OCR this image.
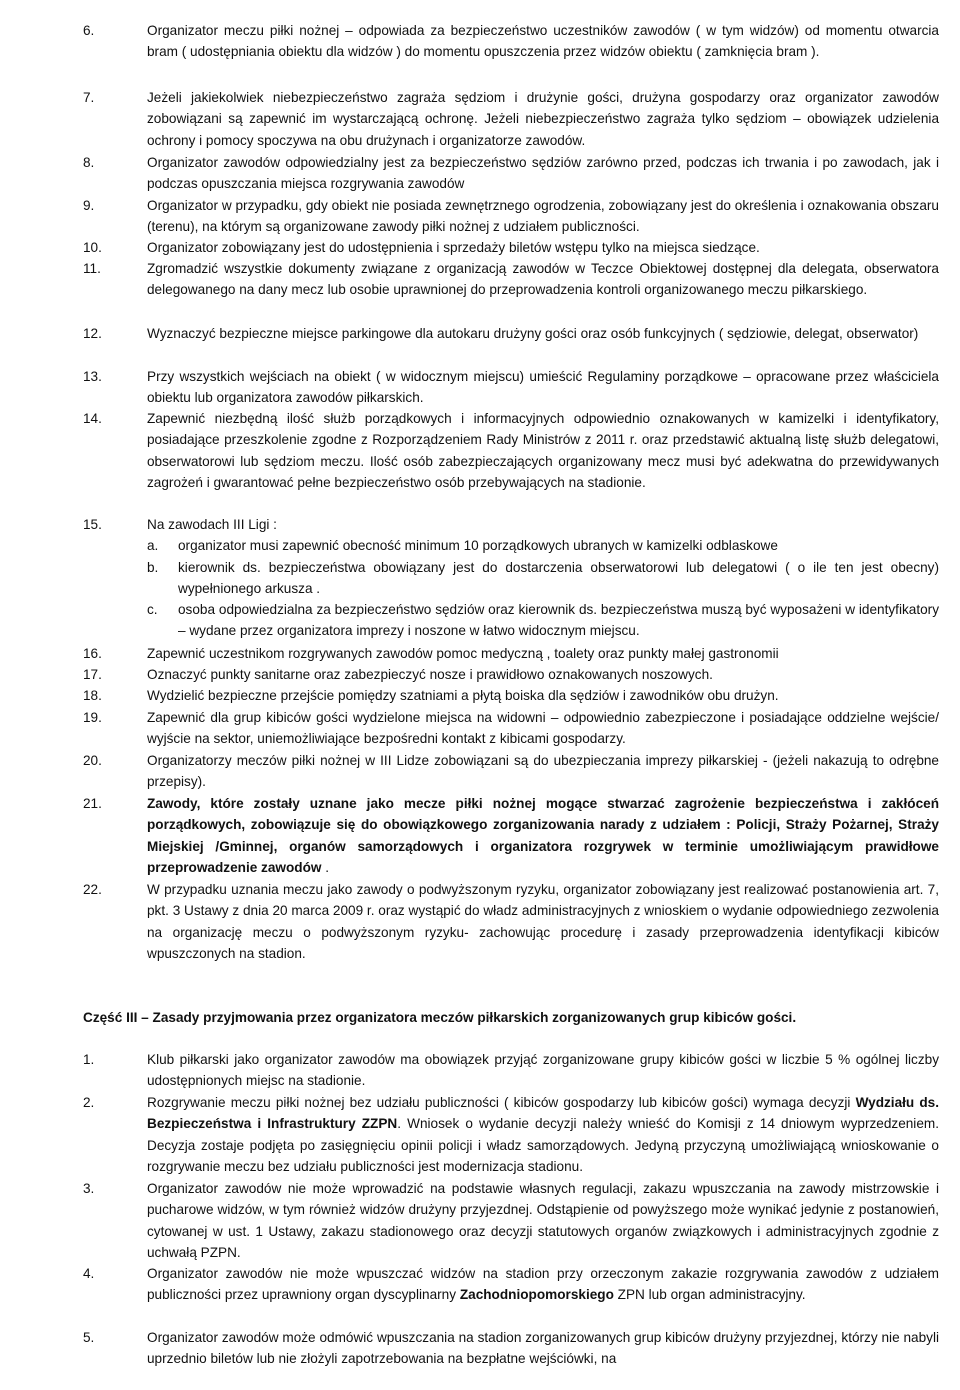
6.	Organizator meczu piłki nożnej – odpowiada za bezpieczeństwo uczestników zawodów ( w tym widzów) od momentu otwarcia bram ( udostępniania obiektu dla widzów ) do momentu opuszczenia przez widzów obiektu ( zamknięcia bram ).
7.	Jeżeli jakiekolwiek niebezpieczeństwo zagraża sędziom i drużynie gości, drużyna gospodarzy oraz organizator zawodów zobowiązani są zapewnić im wystarczającą ochronę. Jeżeli niebezpieczeństwo zagraża tylko sędziom – obowiązek udzielenia ochrony i pomocy spoczywa na obu drużynach i organizatorze zawodów.
8.	Organizator zawodów odpowiedzialny jest za bezpieczeństwo sędziów zarówno przed, podczas ich trwania i po zawodach, jak i podczas opuszczania miejsca rozgrywania zawodów
9.	Organizator w przypadku, gdy obiekt nie posiada zewnętrznego ogrodzenia, zobowiązany jest do określenia i oznakowania obszaru (terenu), na którym są organizowane zawody piłki nożnej z udziałem publiczności.
10.	Organizator zobowiązany jest do udostępnienia i sprzedaży biletów wstępu tylko na miejsca siedzące.
11.	Zgromadzić wszystkie dokumenty związane z organizacją zawodów w Teczce Obiektowej dostępnej dla delegata, obserwatora delegowanego na dany mecz lub osobie uprawnionej do przeprowadzenia kontroli organizowanego meczu piłkarskiego.
12.	Wyznaczyć bezpieczne miejsce parkingowe dla autokaru drużyny gości oraz osób funkcyjnych ( sędziowie, delegat, obserwator)
13.	Przy wszystkich wejściach na obiekt ( w widocznym miejscu) umieścić Regulaminy porządkowe – opracowane przez właściciela obiektu lub organizatora zawodów piłkarskich.
14.	Zapewnić niezbędną ilość służb porządkowych i informacyjnych odpowiednio oznakowanych w kamizelki i identyfikatory, posiadające przeszkolenie zgodne z Rozporządzeniem Rady Ministrów z 2011 r. oraz przedstawić aktualną listę służb delegatowi, obserwatorowi lub sędziom meczu. Ilość osób zabezpieczających organizowany mecz musi być adekwatna do przewidywanych zagrożeń i gwarantować pełne bezpieczeństwo osób przebywających na stadionie.
15.	Na zawodach III Ligi :
a. organizator musi zapewnić obecność minimum 10 porządkowych ubranych w kamizelki odblaskowe
b. kierownik ds. bezpieczeństwa obowiązany jest do dostarczenia obserwatorowi lub delegatowi ( o ile ten jest obecny) wypełnionego arkusza .
c. osoba odpowiedzialna za bezpieczeństwo sędziów oraz kierownik ds. bezpieczeństwa muszą być wyposażeni w identyfikatory – wydane przez organizatora imprezy i noszone w łatwo widocznym miejscu.
16.	Zapewnić uczestnikom rozgrywanych zawodów pomoc medyczną , toalety oraz punkty małej gastronomii
17.	Oznaczyć punkty sanitarne oraz zabezpieczyć nosze i prawidłowo oznakowanych noszowych.
18.	Wydzielić bezpieczne przejście pomiędzy szatniami a płytą boiska dla sędziów i zawodników obu drużyn.
19.	Zapewnić dla grup kibiców gości wydzielone miejsca na widowni – odpowiednio zabezpieczone i posiadające oddzielne wejście/ wyjście na sektor, uniemożliwiające bezpośredni kontakt z kibicami gospodarzy.
20.	Organizatorzy meczów piłki nożnej w III Lidze zobowiązani są do ubezpieczania imprezy piłkarskiej - (jeżeli nakazują to odrębne przepisy).
21.	Zawody, które zostały uznane jako mecze piłki nożnej mogące stwarzać zagrożenie bezpieczeństwa i zakłóceń porządkowych, zobowiązuje się do obowiązkowego zorganizowania narady z udziałem : Policji, Straży Pożarnej, Straży Miejskiej /Gminnej, organów samorządowych i organizatora rozgrywek w terminie umożliwiającym prawidłowe przeprowadzenie zawodów .
22.	W przypadku uznania meczu jako zawody o podwyższonym ryzyku, organizator zobowiązany jest realizować postanowienia art. 7, pkt. 3 Ustawy z dnia 20 marca 2009 r. oraz wystąpić do władz administracyjnych z wnioskiem o wydanie odpowiedniego zezwolenia na organizację meczu o podwyższonym ryzyku- zachowując procedurę i zasady przeprowadzenia identyfikacji kibiców wpuszczonych na stadion.
Część III – Zasady przyjmowania przez organizatora meczów piłkarskich zorganizowanych grup kibiców gości.
1.	Klub piłkarski jako organizator zawodów ma obowiązek przyjąć zorganizowane grupy kibiców gości w liczbie 5 % ogólnej liczby udostępnionych miejsc na stadionie.
2.	Rozgrywanie meczu piłki nożnej bez udziału publiczności ( kibiców gospodarzy lub kibiców gości) wymaga decyzji Wydziału ds. Bezpieczeństwa i Infrastruktury ZZPN. Wniosek o wydanie decyzji należy wnieść do Komisji z 14 dniowym wyprzedzeniem. Decyzja zostaje podjęta po zasięgnięciu opinii policji i władz samorządowych. Jedyną przyczyną umożliwiającą wnioskowanie o rozgrywanie meczu bez udziału publiczności jest modernizacja stadionu.
3.	Organizator zawodów nie może wprowadzić na podstawie własnych regulacji, zakazu wpuszczania na zawody mistrzowskie i pucharowe widzów, w tym również widzów drużyny przyjezdnej. Odstąpienie od powyższego może wynikać jedynie z postanowień, cytowanej w ust. 1 Ustawy, zakazu stadionowego oraz decyzji statutowych organów związkowych i administracyjnych zgodnie z uchwałą PZPN.
4.	Organizator zawodów nie może wpuszczać widzów na stadion przy orzeczonym zakazie rozgrywania zawodów z udziałem publiczności przez uprawniony organ dyscyplinarny Zachodniopomorskiego ZPN lub organ administracyjny.
5.	Organizator zawodów może odmówić wpuszczania na stadion zorganizowanych grup kibiców drużyny przyjezdnej, którzy nie nabyli uprzednio biletów lub nie złożyli zapotrzebowania na bezpłatne wejściówki, na
